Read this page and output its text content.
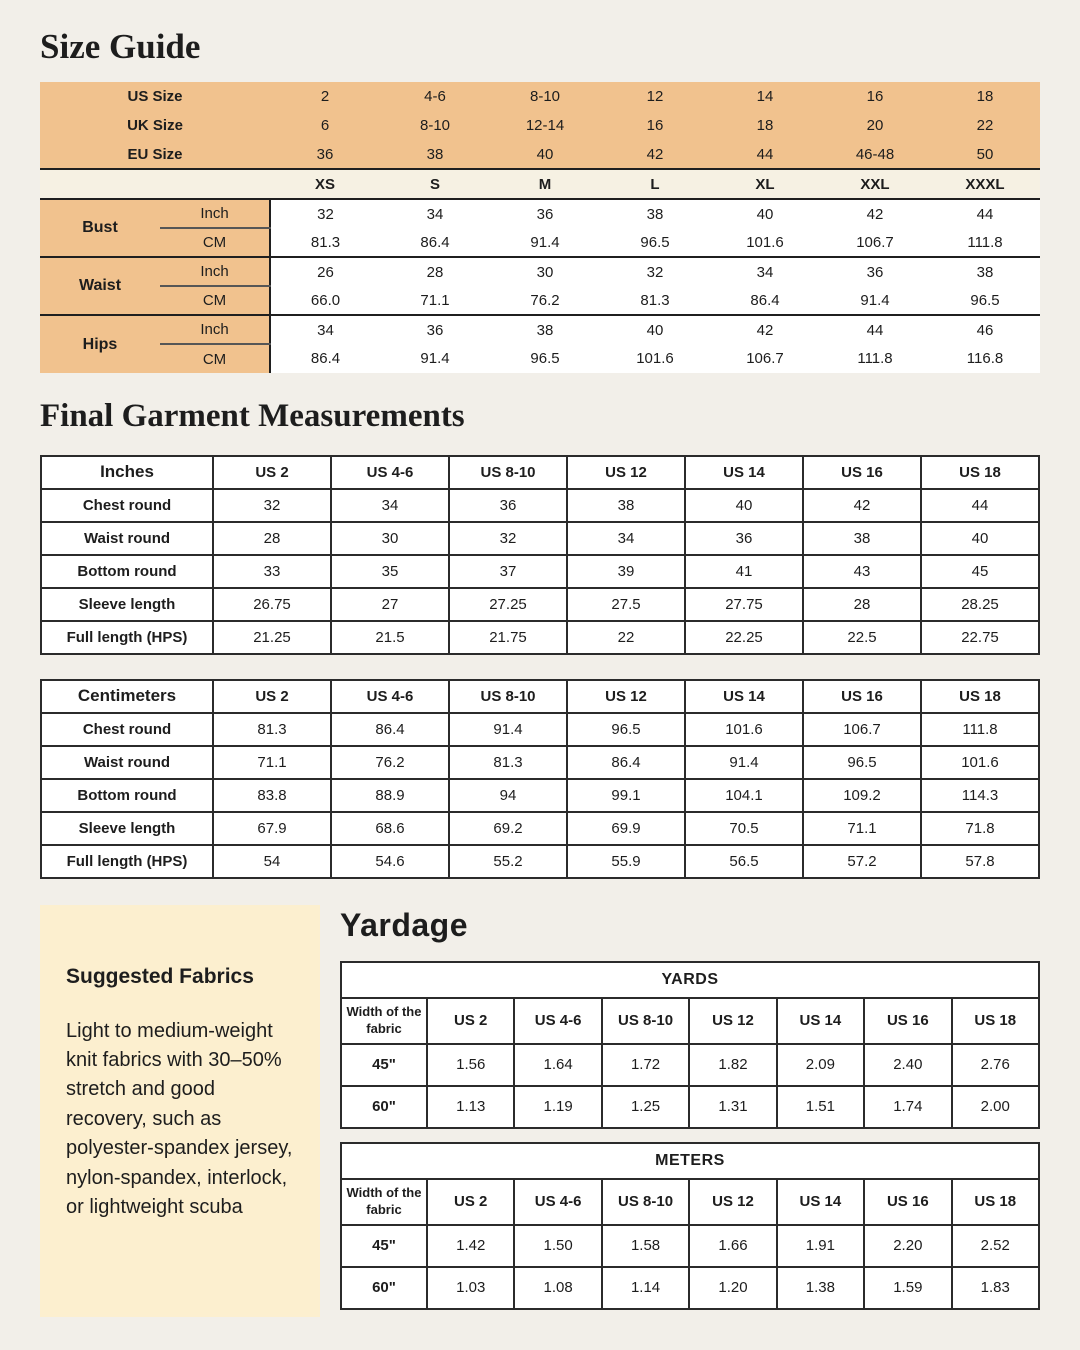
Size Guide
US Size		2	4-6	8-10	12	14	16	18
UK Size		6	8-10	12-14	16	18	20	22
EU Size		36	38	40	42	44	46-48	50
		XS	S	M	L	XL	XXL	XXXL
Bust	Inch	32	34	36	38	40	42	44
	CM	81.3	86.4	91.4	96.5	101.6	106.7	111.8
Waist	Inch	26	28	30	32	34	36	38
	CM	66.0	71.1	76.2	81.3	86.4	91.4	96.5
Hips	Inch	34	36	38	40	42	44	46
	CM	86.4	91.4	96.5	101.6	106.7	111.8	116.8
Final Garment Measurements
Inches	US 2	US 4-6	US 8-10	US 12	US 14	US 16	US 18
Chest round	32	34	36	38	40	42	44
Waist round	28	30	32	34	36	38	40
Bottom round	33	35	37	39	41	43	45
Sleeve length	26.75	27	27.25	27.5	27.75	28	28.25
Full length (HPS)	21.25	21.5	21.75	22	22.25	22.5	22.75
Centimeters	US 2	US 4-6	US 8-10	US 12	US 14	US 16	US 18
Chest round	81.3	86.4	91.4	96.5	101.6	106.7	111.8
Waist round	71.1	76.2	81.3	86.4	91.4	96.5	101.6
Bottom round	83.8	88.9	94	99.1	104.1	109.2	114.3
Sleeve length	67.9	68.6	69.2	69.9	70.5	71.1	71.8
Full length (HPS)	54	54.6	55.2	55.9	56.5	57.2	57.8
Suggested Fabrics

Light to medium-weight knit fabrics with 30–50% stretch and good recovery, such as polyester-spandex jersey, nylon-spandex, interlock, or lightweight scuba

Yardage
YARDS							
Width of the fabric	US 2	US 4-6	US 8-10	US 12	US 14	US 16	US 18
45"	1.56	1.64	1.72	1.82	2.09	2.40	2.76
60"	1.13	1.19	1.25	1.31	1.51	1.74	2.00
METERS							
Width of the fabric	US 2	US 4-6	US 8-10	US 12	US 14	US 16	US 18
45"	1.42	1.50	1.58	1.66	1.91	2.20	2.52
60"	1.03	1.08	1.14	1.20	1.38	1.59	1.83
